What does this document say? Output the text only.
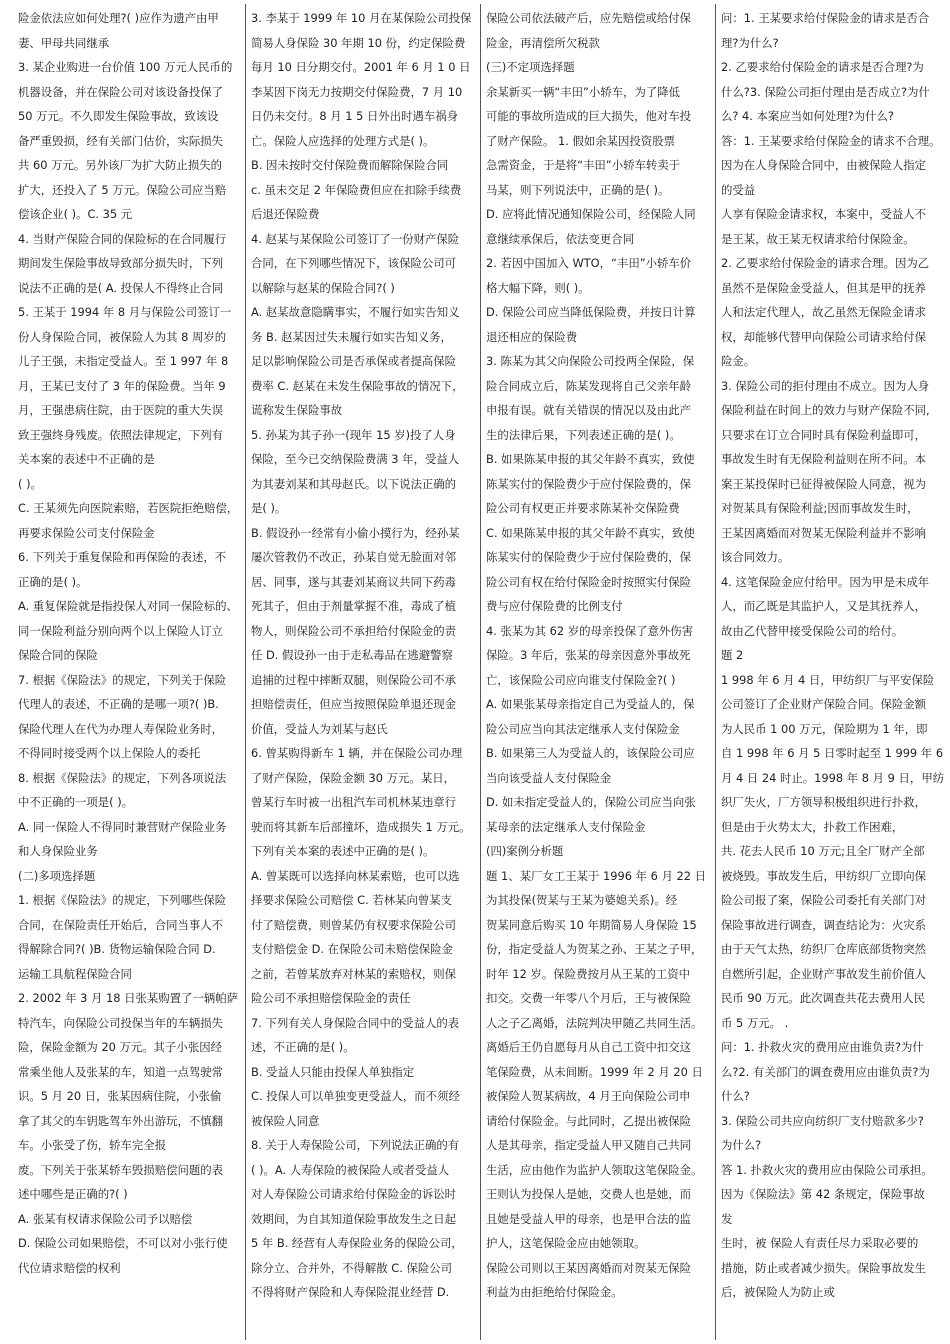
险金依法应如何处理?( )应作为遗产由甲
妻、甲母共同继承
3. 某企业购进一台价值 100 万元人民币的
机器设备，并在保险公司对该设备投保了
50 万元。不久即发生保险事故，致该设
备严重毁损，经有关部门估价，实际损失
共 60 万元。另外该厂为扩大防止损失的
扩大，还投入了 5 万元。保险公司应当赔
偿该企业( )。C. 35 元
4. 当财产保险合同的保险标的在合同履行
期间发生保险事故导致部分损失时，下列
说法不正确的是( A. 投保人不得终止合同
5. 王某于 1994 年 8 月与保险公司签订一
份人身保险合同，被保险人为其 8 周岁的
儿子王强，未指定受益人。至 1 997 年 8
月，王某已支付了 3 年的保险费。当年 9
月，王强患病住院，由于医院的重大失误
致王强终身残废。依照法律规定，下列有
关本案的表述中不正确的是
( )。
C. 王某须先向医院索赔，若医院拒绝赔偿，
再要求保险公司支付保险金
6. 下列关于重复保险和再保险的表述，不
正确的是( )。
A. 重复保险就是指投保人对同一保险标的、
同一保险利益分别向两个以上保险人订立
保险合同的保险
7. 根据《保险法》的规定，下列关于保险
代理人的表述，不正确的是哪一项?( )B.
保险代理人在代为办理人寿保险业务时，
不得同时接受两个以上保险人的委托
8. 根据《保险法》的规定，下列各项说法
中不正确的一项是( )。
A. 同一保险人不得同时兼营财产保险业务
和人身保险业务
(二)多项选择题
1. 根据《保险法》的规定，下列哪些保险
合同，在保险责任开始后，合同当事人不
得解除合同?( )B. 货物运输保险合同 D.
运输工具航程保险合同
2. 2002 年 3 月 18 日张某购置了一辆帕萨
特汽车，向保险公司投保当年的车辆损失
险，保险金额为 20 万元。其子小张因经
常乘坐他人及张某的车，知道一点驾驶常
识。5 月 20 日，张某因病住院，小张偷
拿了其父的车钥匙驾车外出游玩，不慎翻
车。小张受了伤，轿车完全报
废。下列关于张某轿车毁损赔偿问题的表
述中哪些是正确的?( )
A. 张某有权请求保险公司予以赔偿
D. 保险公司如果赔偿，不可以对小张行使
代位请求赔偿的权利
3. 李某于 1999 年 10 月在某保险公司投保
简易人身保险 30 年期 10 份，约定保险费
每月 10 日分期交付。2001 年 6 月 1 0 日
李某因下岗无力按期交付保险费，7 月 10
日仍未交付。8 月 1 5 日外出时遇车祸身
亡。保险人应选择的处理方式是( )。
B. 因未按时交付保险费而解除保险合同
c. 虽未交足 2 年保险费但应在扣除手续费
后退还保险费
4. 赵某与某保险公司签订了一份财产保险
合同，在下列哪些情况下，该保险公司可
以解除与赵某的保险合同?( )
A. 赵某故意隐瞒事实，不履行如实告知义
务 B. 赵某因过失未履行如实告知义务，
足以影响保险公司是否承保或者提高保险
费率 C. 赵某在未发生保险事故的情况下，
谎称发生保险事故
5. 孙某为其子孙一(现年 15 岁)投了人身
保险，至今已交纳保险费满 3 年，受益人
为其妻刘某和其母赵氏。以下说法正确的
是( )。
B. 假设孙一经常有小偷小摸行为，经孙某
屡次管教仍不改正，孙某自觉无脸面对邻
居、同事，遂与其妻刘某商议共同下药毒
死其子，但由于剂量掌握不准，毒成了植
物人，则保险公司不承担给付保险金的责
任 D. 假设孙一由于走私毒品在逃避警察
追捕的过程中摔断双腿，则保险公司不承
担赔偿责任，但应当按照保险单退还现金
价值，受益人为刘某与赵氏
6. 曾某购得新车 1 辆，并在保险公司办理
了财产保险，保险金额 30 万元。某日，
曾某行车时被一出租汽车司机林某违章行
驶而将其新车后部撞坏，造成损失 1 万元。
下列有关本案的表述中正确的是( )。
A. 曾某既可以选择向林某索赔，也可以选
择要求保险公司赔偿 C. 若林某向曾某支
付了赔偿费，则曾某仍有权要求保险公司
支付赔偿金 D. 在保险公司未赔偿保险金
之前，若曾某放弃对林某的索赔权，则保
险公司不承担赔偿保险金的责任
7. 下列有关人身保险合同中的受益人的表
述，不正确的是( )。
B. 受益人只能由投保人单独指定
C. 投保人可以单独变更受益人，而不须经
被保险人同意
8. 关于人寿保险公司，下列说法正确的有
( )。A. 人寿保险的被保险人或者受益人
对人寿保险公司请求给付保险金的诉讼时
效期间，为自其知道保险事故发生之日起
5 年 B. 经营有人寿保险业务的保险公司，
除分立、合并外，不得解散 C. 保险公司
不得将财产保险和人寿保险混业经营 D.
保险公司依法破产后，应先赔偿或给付保
险金，再清偿所欠税款
(三)不定项选择题
余某新买一辆“丰田”小轿车，为了降低
可能的事故所造成的巨大损失，他对车投
了财产保险。 1. 假如余某因投资股票
急需资金，于是将“丰田”小轿车转卖于
马某，则下列说法中，正确的是( )。
D. 应将此情况通知保险公司，经保险人同
意继续承保后，依法变更合同
2. 若因中国加入 WTO，“丰田”小轿车价
格大幅下降，则( )。
D. 保险公司应当降低保险费，并按日计算
退还相应的保险费
3. 陈某为其父向保险公司投两全保险，保
险合同成立后，陈某发现将自己父亲年龄
申报有误。就有关错误的情况以及由此产
生的法律后果，下列表述正确的是( )。
B. 如果陈某申报的其父年龄不真实，致使
陈某实付的保险费少于应付保险费的，保
险公司有权更正并要求陈某补交保险费
C. 如果陈某申报的其父年龄不真实，致使
陈某实付的保险费少于应付保险费的，保
险公司有权在给付保险金时按照实付保险
费与应付保险费的比例支付
4. 张某为其 62 岁的母亲投保了意外伤害
保险。3 年后，张某的母亲因意外事故死
亡，该保险公司应向谁支付保险金?( )
A. 如果张某母亲指定自己为受益人的，保
险公司应当向其法定继承人支付保险金
B. 如果第三人为受益人的，该保险公司应
当向该受益人支付保险金
D. 如未指定受益人的，保险公司应当向张
某母亲的法定继承人支付保险金
(四)案例分析题
题 1、某厂女工王某于 1996 年 6 月 22 日
为其投保(贺某与王某为婆媳关系)。经
贺某同意后购买 10 年期简易人身保险 15
份，指定受益人为贺某之孙、王某之子甲，
时年 12 岁。保险费按月从王某的工资中
扣交。交费一年零八个月后，王与被保险
人之子乙离婚，法院判决甲随乙共同生活。
离婚后王仍自愿每月从自己工资中扣交这
笔保险费，从未间断。1999 年 2 月 20 日
被保险人贺某病故，4 月王向保险公司申
请给付保险金。与此同时，乙提出被保险
人是其母亲，指定受益人甲又随自己共同
生活，应由他作为监护人领取这笔保险金。
王则认为投保人是她，交费人也是她，而
且她是受益人甲的母亲，也是甲合法的监
护人，这笔保险金应由她领取。
保险公司则以王某因离婚而对贺某无保险
利益为由拒绝给付保险金。
问：1. 王某要求给付保险金的请求是否合
理?为什么?
2. 乙要求给付保险金的请求是否合理?为
什么?3. 保险公司拒付理由是否成立?为什
么? 4. 本案应当如何处理?为什么?
答：1. 王某要求给付保险金的请求不合理。
因为在人身保险合同中，由被保险人指定
的受益
人享有保险金请求权，本案中，受益人不
是王某，故王某无权请求给付保险金。
2. 乙要求给付保险金的请求合理。因为乙
虽然不是保险金受益人，但其是甲的抚养
人和法定代理人，故乙虽然无保险金请求
权，却能够代替甲向保险公司请求给付保
险金。
3. 保险公司的拒付理由不成立。因为人身
保险利益在时间上的效力与财产保险不同,
只要求在订立合同时具有保险利益即可，
事故发生时有无保险利益则在所不问。本
案王某投保时已征得被保险人同意，视为
对贺某具有保险利益;因而事故发生时，
王某因离婚而对贺某无保险利益并不影响
该合同效力。
4. 这笔保险金应付给甲。因为甲是未成年
人，而乙既是其监护人，又是其抚养人，
故由乙代替甲接受保险公司的给付。
题 2
1 998 年 6 月 4 日，甲纺织厂与平安保险
公司签订了企业财产保险合同。保险金额
为人民币 1 00 万元，保险期为 1 年，即
自 1 998 年 6 月 5 日零时起至 1 999 年 6
月 4 日 24 时止。1998 年 8 月 9 日，甲纺
织厂失火，厂方领导积极组织进行扑救，
但是由于火势太大，扑救工作困难，
共. 花去人民币 10 万元;且全厂财产全部
被烧毁。事故发生后，甲纺织厂立即向保
险公司报了案，保险公司委托有关部门对
保险事故进行调查，调查结论为：火灾系
由于天气太热，纺织厂仓库底部货物突然
自燃所引起，企业财产事故发生前价值人
民币 90 万元。此次调查共花去费用人民
币 5 万元。 .
问：1. 扑救火灾的费用应由谁负责?为什
么?2. 有关部门的调查费用应由谁负责?为
什么?
3. 保险公司共应向纺织厂支付赔款多少?
为什么?
答 1. 扑救火灾的费用应由保险公司承担。
因为《保险法》第 42 条规定，保险事故
发
生时，被 保险人有责任尽力采取必要的
措施，防止或者减少损失。保险事故发生
后，被保险人为防止或
